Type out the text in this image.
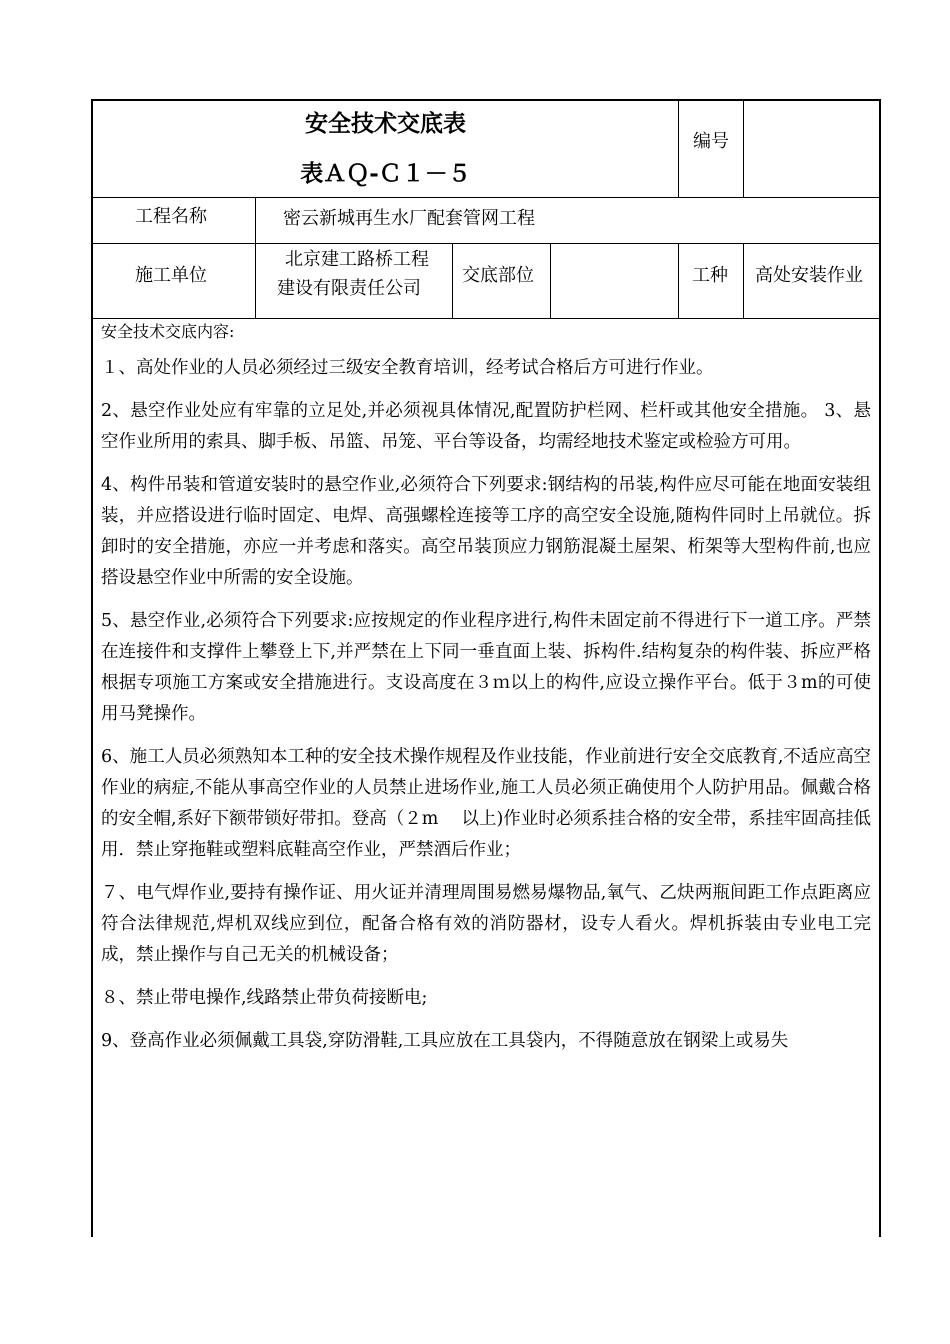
安全技术交底表
表ＡＱ-Ｃ１－５
编号
工程名称	密云新城再生水厂配套管网工程
施工单位
北京建工路桥工程
建设有限责任公司
交底部位	工种 高处安装作业

安全技术交底内容:

１、高处作业的人员必须经过三级安全教育培训，经考试合格后方可进行作业。

2、悬空作业处应有牢靠的立足处,并必须视具体情况,配置防护栏网、栏杆或其他安全措施。 3、悬空作业所用的索具、脚手板、吊篮、吊笼、平台等设备，均需经地技术鉴定或检验方可用。

4、构件吊装和管道安装时的悬空作业,必须符合下列要求:钢结构的吊装,构件应尽可能在地面安装组装，并应搭设进行临时固定、电焊、高强螺栓连接等工序的高空安全设施,随构件同时上吊就位。拆卸时的安全措施，亦应一并考虑和落实。高空吊装顶应力钢筋混凝土屋架、桁架等大型构件前,也应搭设悬空作业中所需的安全设施。

5、悬空作业,必须符合下列要求:应按规定的作业程序进行,构件未固定前不得进行下一道工序。严禁在连接件和支撑件上攀登上下,并严禁在上下同一垂直面上装、拆构件.结构复杂的构件装、拆应严格根据专项施工方案或安全措施进行。支设高度在３ｍ以上的构件,应设立操作平台。低于３m的可使用马凳操作。

6、施工人员必须熟知本工种的安全技术操作规程及作业技能，作业前进行安全交底教育,不适应高空作业的病症,不能从事高空作业的人员禁止进场作业,施工人员必须正确使用个人防护用品。佩戴合格的安全帽,系好下额带锁好带扣。登高（２m　 以上)作业时必须系挂合格的安全带，系挂牢固高挂低用．禁止穿拖鞋或塑料底鞋高空作业，严禁酒后作业；

７、电气焊作业,要持有操作证、用火证并清理周围易燃易爆物品,氧气、乙炔两瓶间距工作点距离应符合法律规范,焊机双线应到位，配备合格有效的消防器材，设专人看火。焊机拆装由专业电工完成，禁止操作与自己无关的机械设备；

８、禁止带电操作,线路禁止带负荷接断电;

9、登高作业必须佩戴工具袋,穿防滑鞋,工具应放在工具袋内，不得随意放在钢梁上或易失
